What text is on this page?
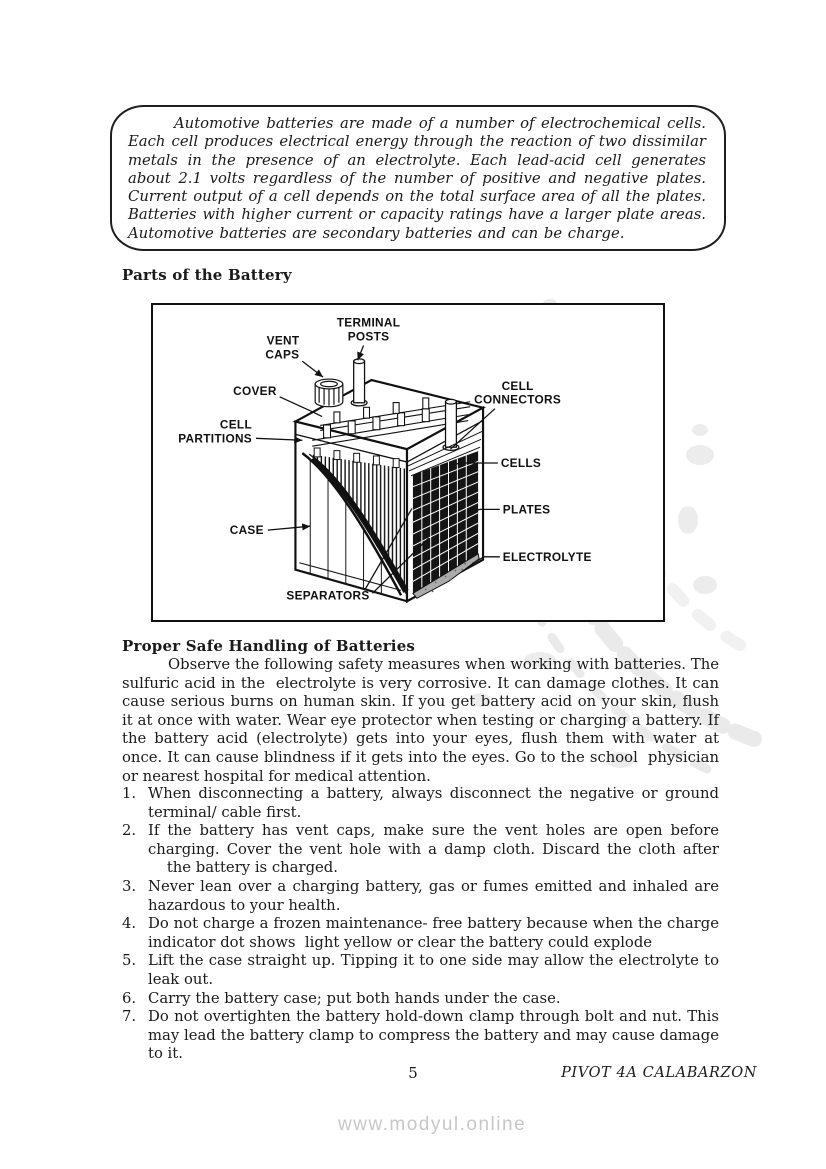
Automotive batteries are made of a number of electrochemical cells. Each cell produces electrical energy through the reaction of two dissimilar metals in the presence of an electrolyte. Each lead-acid cell generates about 2.1 volts regardless of the number of positive and negative plates. Current output of a cell depends on the total surface area of all the plates. Batteries with higher current or capacity ratings have a larger plate areas. Automotive batteries are secondary batteries and can be charge.

Parts of the Battery
TERMINAL
POSTS
VENT
CAPS
COVER	CELL
CONNECTORS
CELL
PARTITIONS
CELLS
PLATES
CASE
ELECTROLYTE
SEPARATORS
Proper Safe Handling of Batteries

Observe the following safety measures when working with batteries. The sulfuric acid in the  electrolyte is very corrosive. It can damage clothes. It can cause serious burns on human skin. If you get battery acid on your skin, flush it at once with water. Wear eye protector when testing or charging a battery. If the battery acid (electrolyte) gets into your eyes, flush them with water at once. It can cause blindness if it gets into the eyes. Go to the school  physician or nearest hospital for medical attention.

When disconnecting a battery, always disconnect the negative or ground terminal/ cable first.
If the battery has vent caps, make sure the vent holes are open before charging. Cover the vent hole with a damp cloth. Discard the cloth after     the battery is charged.
Never lean over a charging battery, gas or fumes emitted and inhaled are hazardous to your health.
Do not charge a frozen maintenance- free battery because when the charge indicator dot shows  light yellow or clear the battery could explode
Lift the case straight up. Tipping it to one side may allow the electrolyte to leak out.
Carry the battery case; put both hands under the case.
Do not overtighten the battery hold-down clamp through bolt and nut. This may lead the battery clamp to compress the battery and may cause damage to it.
5	PIVOT 4A CALABARZON
www.modyul.online
